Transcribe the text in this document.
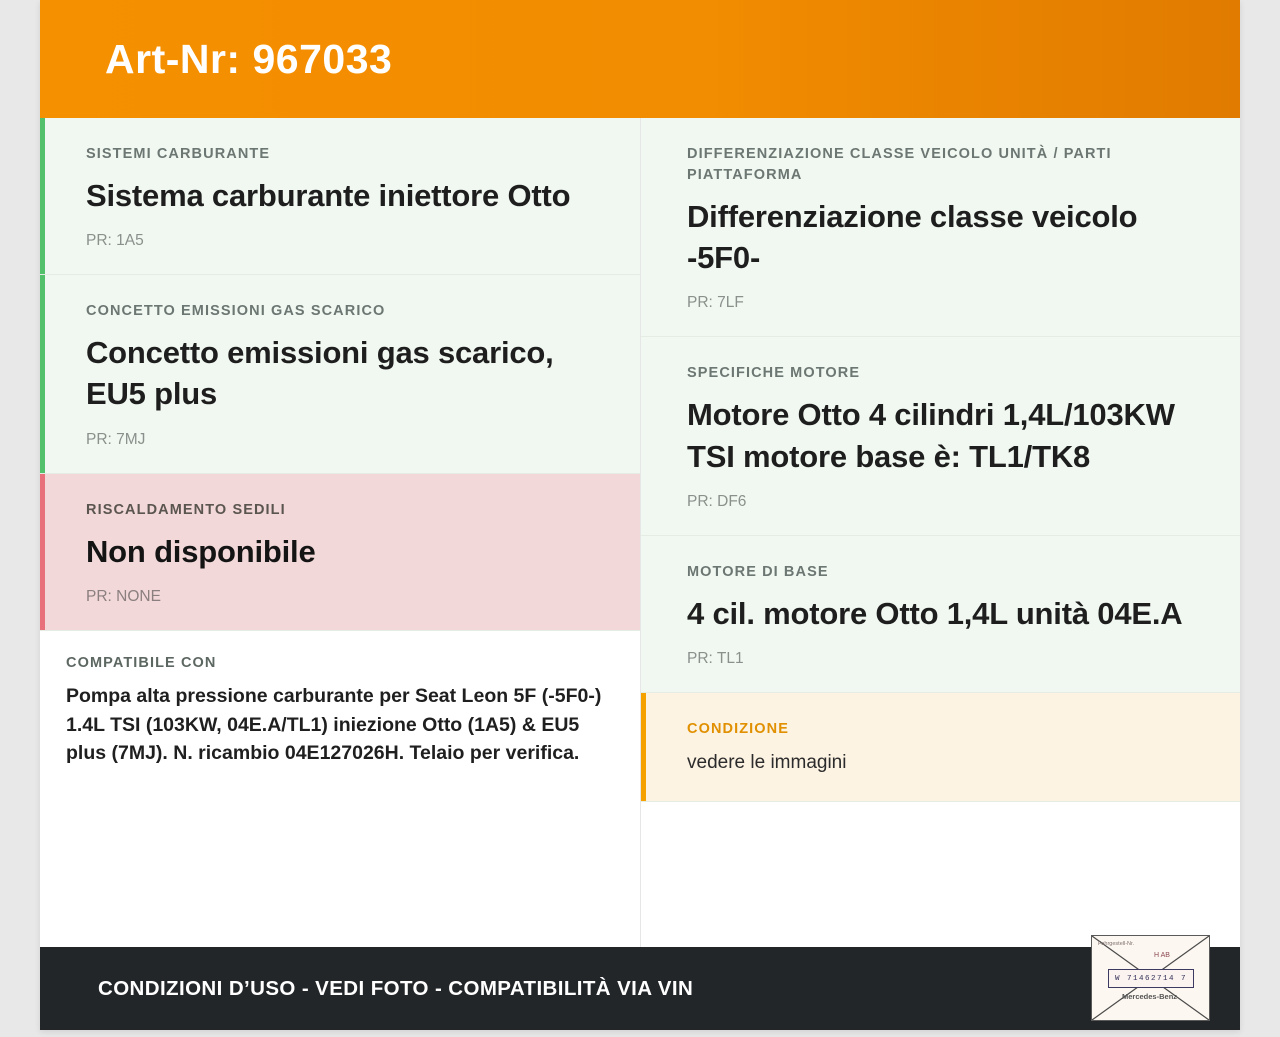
Art-Nr: 967033
SISTEMI CARBURANTE
Sistema carburante iniettore Otto
PR: 1A5
CONCETTO EMISSIONI GAS SCARICO
Concetto emissioni gas scarico, EU5 plus
PR: 7MJ
RISCALDAMENTO SEDILI
Non disponibile
PR: NONE
COMPATIBILE CON
Pompa alta pressione carburante per Seat Leon 5F (-5F0-) 1.4L TSI (103KW, 04E.A/TL1) iniezione Otto (1A5) & EU5 plus (7MJ). N. ricambio 04E127026H. Telaio per verifica.
DIFFERENZIAZIONE CLASSE VEICOLO UNITÀ / PARTI PIATTAFORMA
Differenziazione classe veicolo -5F0-
PR: 7LF
SPECIFICHE MOTORE
Motore Otto 4 cilindri 1,4L/103KW TSI motore base è: TL1/TK8
PR: DF6
MOTORE DI BASE
4 cil. motore Otto 1,4L unità 04E.A
PR: TL1
CONDIZIONE
vedere le immagini
CONDIZIONI D’USO - VEDI FOTO - COMPATIBILITÀ VIA VIN
Fahrgestell-Nr.
H AB
W 71462714 7
Mercedes-Benz
